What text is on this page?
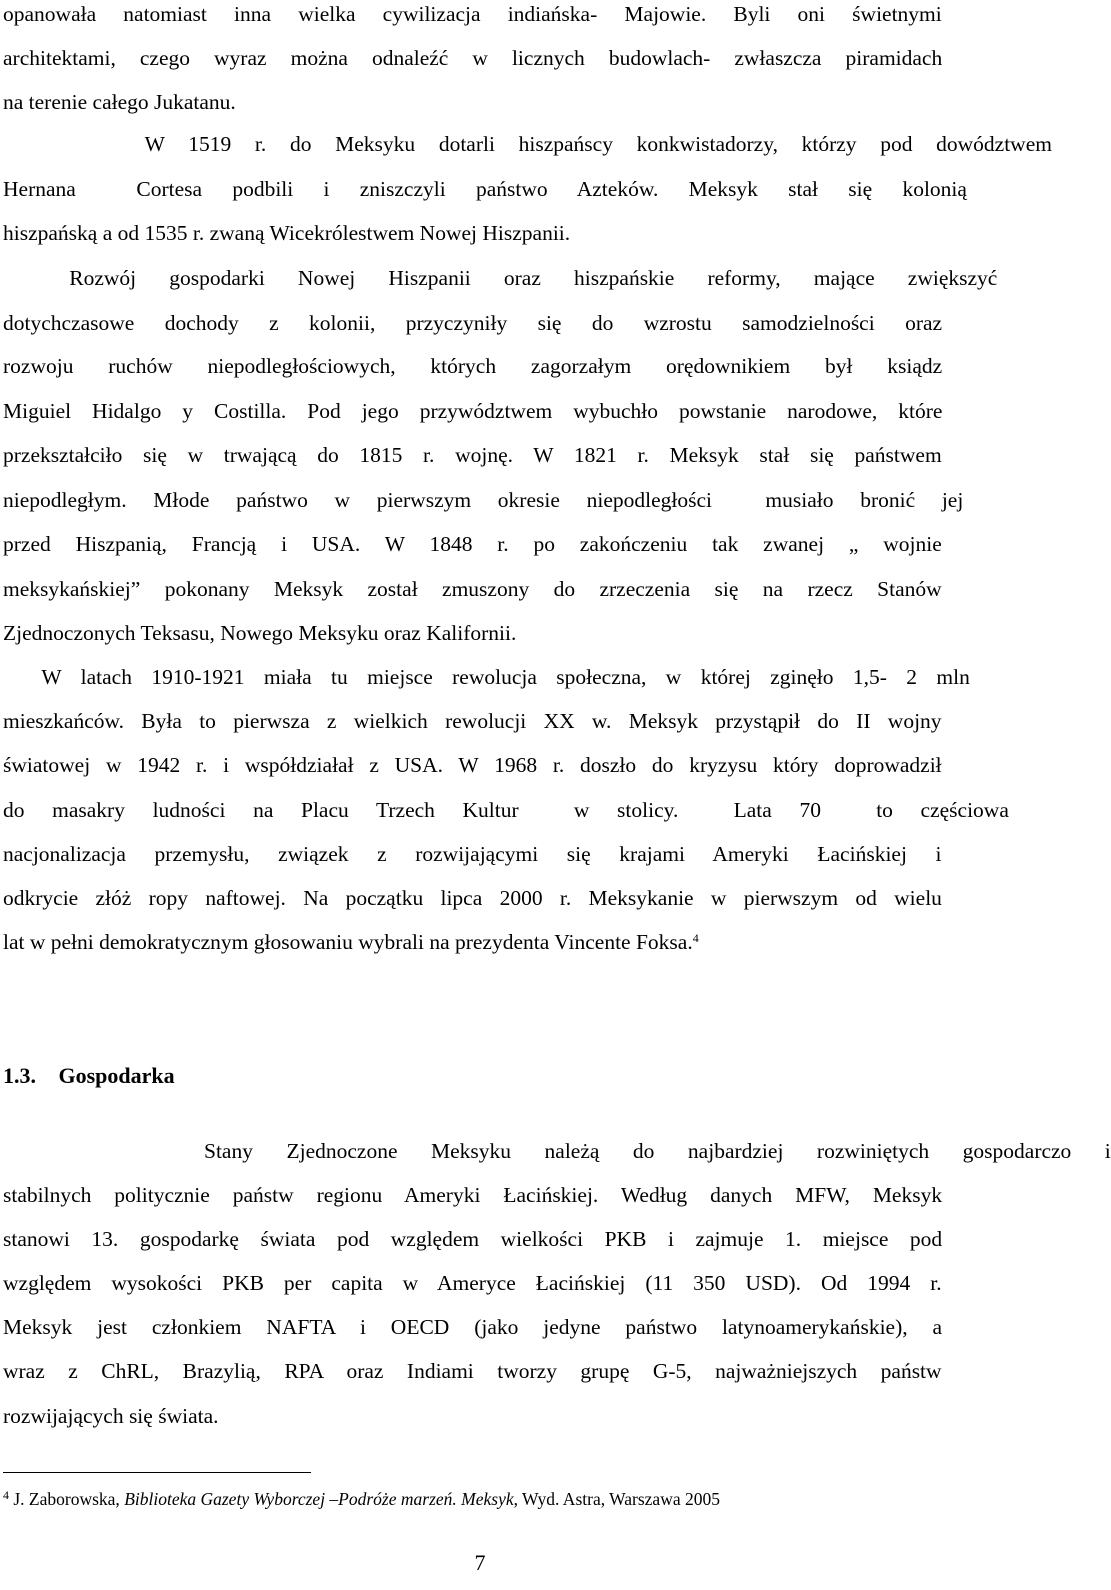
opanowała natomiast inna wielka cywilizacja indiańska- Majowie. Byli oni świetnymi
architektami, czego wyraz można odnaleźć w licznych budowlach- zwłaszcza piramidach
na terenie całego Jukatanu.
W 1519 r. do Meksyku dotarli hiszpańscy konkwistadorzy, którzy pod dowództwem
Hernana  Cortesa podbili i zniszczyli państwo Azteków. Meksyk stał się kolonią
hiszpańską a od 1535 r. zwaną Wicekrólestwem Nowej Hiszpanii.
Rozwój gospodarki Nowej Hiszpanii oraz hiszpańskie reformy, mające zwiększyć
dotychczasowe dochody z kolonii, przyczyniły się do wzrostu samodzielności oraz
rozwoju ruchów niepodległościowych, których zagorzałym orędownikiem był ksiądz
Miguiel Hidalgo y Costilla. Pod jego przywództwem wybuchło powstanie narodowe, które
przekształciło się w trwającą do 1815 r. wojnę. W 1821 r. Meksyk stał się państwem
niepodległym. Młode państwo w pierwszym okresie niepodległości  musiało bronić jej
przed Hiszpanią, Francją i USA. W 1848 r. po zakończeniu tak zwanej „ wojnie
meksykańskiej” pokonany Meksyk został zmuszony do zrzeczenia się na rzecz Stanów
Zjednoczonych Teksasu, Nowego Meksyku oraz Kalifornii.
W latach 1910-1921 miała tu miejsce rewolucja społeczna, w której zginęło 1,5- 2 mln
mieszkańców. Była to pierwsza z wielkich rewolucji XX w. Meksyk przystąpił do II wojny
światowej w 1942 r. i współdziałał z USA. W 1968 r. doszło do kryzysu który doprowadził
do masakry ludności na Placu Trzech Kultur  w stolicy.  Lata 70  to częściowa
nacjonalizacja przemysłu, związek z rozwijającymi się krajami Ameryki Łacińskiej i
odkrycie złóż ropy naftowej. Na początku lipca 2000 r. Meksykanie w pierwszym od wielu
lat w pełni demokratycznym głosowaniu wybrali na prezydenta Vincente Foksa.$^4$
1.3. Gospodarka
Stany Zjednoczone Meksyku należą do najbardziej rozwiniętych gospodarczo i
stabilnych politycznie państw regionu Ameryki Łacińskiej. Według danych MFW, Meksyk
stanowi 13. gospodarkę świata pod względem wielkości PKB i zajmuje 1. miejsce pod
względem wysokości PKB per capita w Ameryce Łacińskiej (11 350 USD). Od 1994 r.
Meksyk jest członkiem NAFTA i OECD (jako jedyne państwo latynoamerykańskie), a
wraz z ChRL, Brazylią, RPA oraz Indiami tworzy grupę G-5, najważniejszych państw
rozwijających się świata.
$^4$ J. Zaborowska, Biblioteka Gazety Wyborczej –Podróże marzeń. Meksyk, Wyd. Astra, Warszawa 2005
7
